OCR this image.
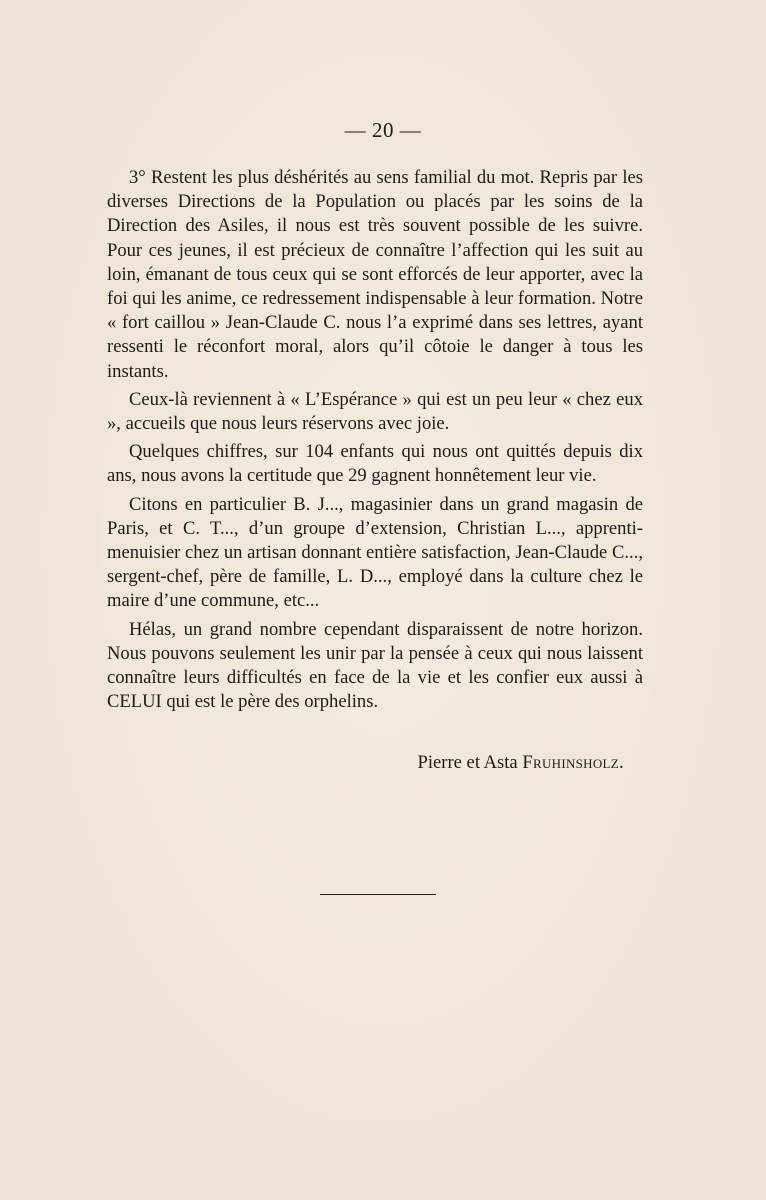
— 20 —

3° Restent les plus déshérités au sens familial du mot. Repris par les diverses Directions de la Population ou placés par les soins de la Direction des Asiles, il nous est très souvent possible de les suivre. Pour ces jeunes, il est précieux de connaître l’affection qui les suit au loin, émanant de tous ceux qui se sont efforcés de leur apporter, avec la foi qui les anime, ce redressement indispensable à leur formation. Notre « fort caillou » Jean-Claude C. nous l’a exprimé dans ses lettres, ayant ressenti le réconfort moral, alors qu’il côtoie le danger à tous les instants.

Ceux-là reviennent à « L’Espérance » qui est un peu leur « chez eux », accueils que nous leurs réservons avec joie.

Quelques chiffres, sur 104 enfants qui nous ont quittés depuis dix ans, nous avons la certitude que 29 gagnent honnêtement leur vie.

Citons en particulier B. J..., magasinier dans un grand magasin de Paris, et C. T..., d’un groupe d’extension, Christian L..., apprenti-menuisier chez un artisan donnant entière satisfaction, Jean-Claude C..., sergent-chef, père de famille, L. D..., employé dans la culture chez le maire d’une commune, etc...

Hélas, un grand nombre cependant disparaissent de notre horizon. Nous pouvons seulement les unir par la pensée à ceux qui nous laissent connaître leurs difficultés en face de la vie et les confier eux aussi à CELUI qui est le père des orphelins.

Pierre et Asta Fruhinsholz.
